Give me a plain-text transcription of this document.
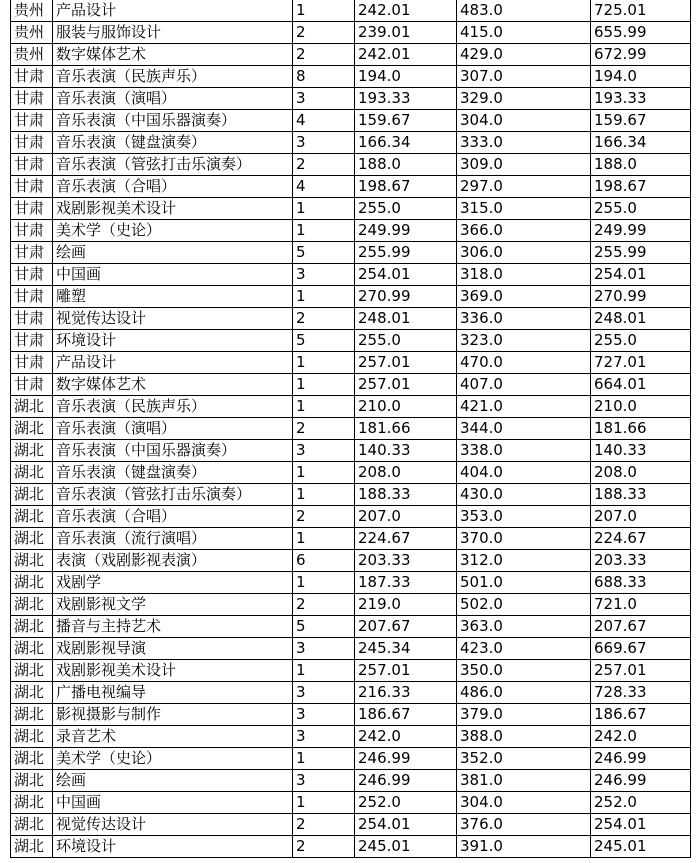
贵州	产品设计	1	242.01	483.0	725.01
贵州	服装与服饰设计	2	239.01	415.0	655.99
贵州	数字媒体艺术	2	242.01	429.0	672.99
甘肃	音乐表演（民族声乐）	8	194.0	307.0	194.0
甘肃	音乐表演（演唱）	3	193.33	329.0	193.33
甘肃	音乐表演（中国乐器演奏）	4	159.67	304.0	159.67
甘肃	音乐表演（键盘演奏）	3	166.34	333.0	166.34
甘肃	音乐表演（管弦打击乐演奏）	2	188.0	309.0	188.0
甘肃	音乐表演（合唱）	4	198.67	297.0	198.67
甘肃	戏剧影视美术设计	1	255.0	315.0	255.0
甘肃	美术学（史论）	1	249.99	366.0	249.99
甘肃	绘画	5	255.99	306.0	255.99
甘肃	中国画	3	254.01	318.0	254.01
甘肃	雕塑	1	270.99	369.0	270.99
甘肃	视觉传达设计	2	248.01	336.0	248.01
甘肃	环境设计	5	255.0	323.0	255.0
甘肃	产品设计	1	257.01	470.0	727.01
甘肃	数字媒体艺术	1	257.01	407.0	664.01
湖北	音乐表演（民族声乐）	1	210.0	421.0	210.0
湖北	音乐表演（演唱）	2	181.66	344.0	181.66
湖北	音乐表演（中国乐器演奏）	3	140.33	338.0	140.33
湖北	音乐表演（键盘演奏）	1	208.0	404.0	208.0
湖北	音乐表演（管弦打击乐演奏）	1	188.33	430.0	188.33
湖北	音乐表演（合唱）	2	207.0	353.0	207.0
湖北	音乐表演（流行演唱）	1	224.67	370.0	224.67
湖北	表演（戏剧影视表演）	6	203.33	312.0	203.33
湖北	戏剧学	1	187.33	501.0	688.33
湖北	戏剧影视文学	2	219.0	502.0	721.0
湖北	播音与主持艺术	5	207.67	363.0	207.67
湖北	戏剧影视导演	3	245.34	423.0	669.67
湖北	戏剧影视美术设计	1	257.01	350.0	257.01
湖北	广播电视编导	3	216.33	486.0	728.33
湖北	影视摄影与制作	3	186.67	379.0	186.67
湖北	录音艺术	3	242.0	388.0	242.0
湖北	美术学（史论）	1	246.99	352.0	246.99
湖北	绘画	3	246.99	381.0	246.99
湖北	中国画	1	252.0	304.0	252.0
湖北	视觉传达设计	2	254.01	376.0	254.01
湖北	环境设计	2	245.01	391.0	245.01
